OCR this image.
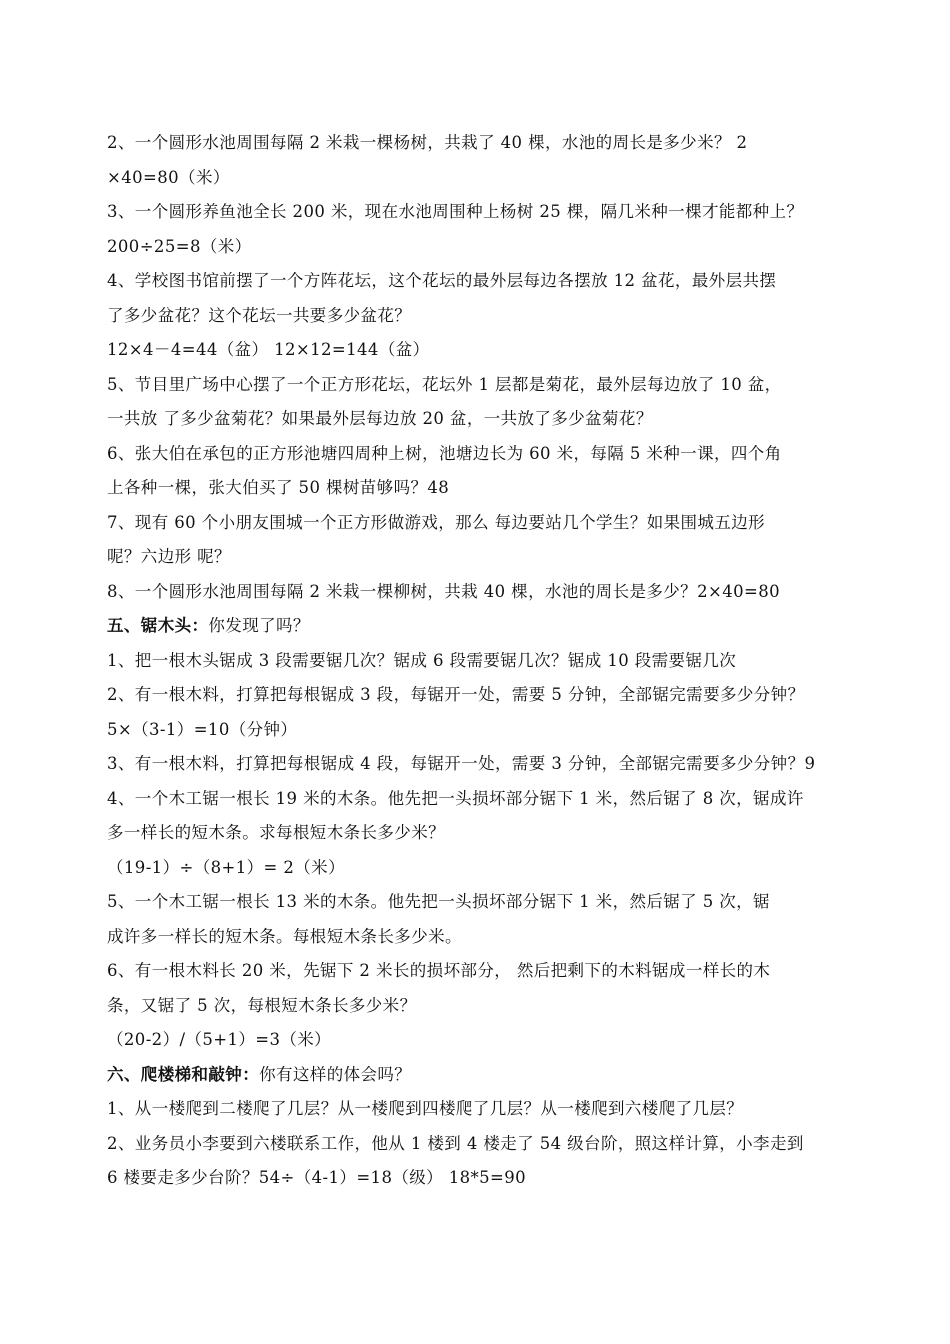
2、一个圆形水池周围每隔 2 米栽一棵杨树，共栽了 40 棵，水池的周长是多少米？ 2
×40=80（米）
3、一个圆形养鱼池全长 200 米，现在水池周围种上杨树 25 棵，隔几米种一棵才能都种上？
200÷25=8（米）
4、学校图书馆前摆了一个方阵花坛，这个花坛的最外层每边各摆放 12 盆花，最外层共摆
了多少盆花？这个花坛一共要多少盆花？
12×4－4=44（盆） 12×12=144（盆）
5、节目里广场中心摆了一个正方形花坛，花坛外 1 层都是菊花，最外层每边放了 10 盆，
一共放 了多少盆菊花？如果最外层每边放 20 盆，一共放了多少盆菊花？
6、张大伯在承包的正方形池塘四周种上树，池塘边长为 60 米，每隔 5 米种一课，四个角
上各种一棵，张大伯买了 50 棵树苗够吗？48
7、现有 60 个小朋友围城一个正方形做游戏，那么 每边要站几个学生？如果围城五边形
呢？六边形 呢？
8、一个圆形水池周围每隔 2 米栽一棵柳树，共栽 40 棵，水池的周长是多少？2×40=80
五、锯木头：你发现了吗？
1、把一根木头锯成 3 段需要锯几次？锯成 6 段需要锯几次？锯成 10 段需要锯几次
2、有一根木料，打算把每根锯成 3 段，每锯开一处，需要 5 分钟，全部锯完需要多少分钟？
5×（3-1）=10（分钟）
3、有一根木料，打算把每根锯成 4 段，每锯开一处，需要 3 分钟，全部锯完需要多少分钟？9
4、一个木工锯一根长 19 米的木条。他先把一头损坏部分锯下 1 米，然后锯了 8 次，锯成许
多一样长的短木条。求每根短木条长多少米？
（19-1）÷（8+1）= 2（米）
5、一个木工锯一根长 13 米的木条。他先把一头损坏部分锯下 1 米，然后锯了 5 次，锯
成许多一样长的短木条。每根短木条长多少米。
6、有一根木料长 20 米，先锯下 2 米长的损坏部分， 然后把剩下的木料锯成一样长的木
条，又锯了 5 次，每根短木条长多少米？
（20-2）/（5+1）=3（米）
六、爬楼梯和敲钟：你有这样的体会吗？
1、从一楼爬到二楼爬了几层？从一楼爬到四楼爬了几层？从一楼爬到六楼爬了几层？
2、业务员小李要到六楼联系工作，他从 1 楼到 4 楼走了 54 级台阶，照这样计算，小李走到
6 楼要走多少台阶？54÷（4-1）=18（级） 18*5=90
